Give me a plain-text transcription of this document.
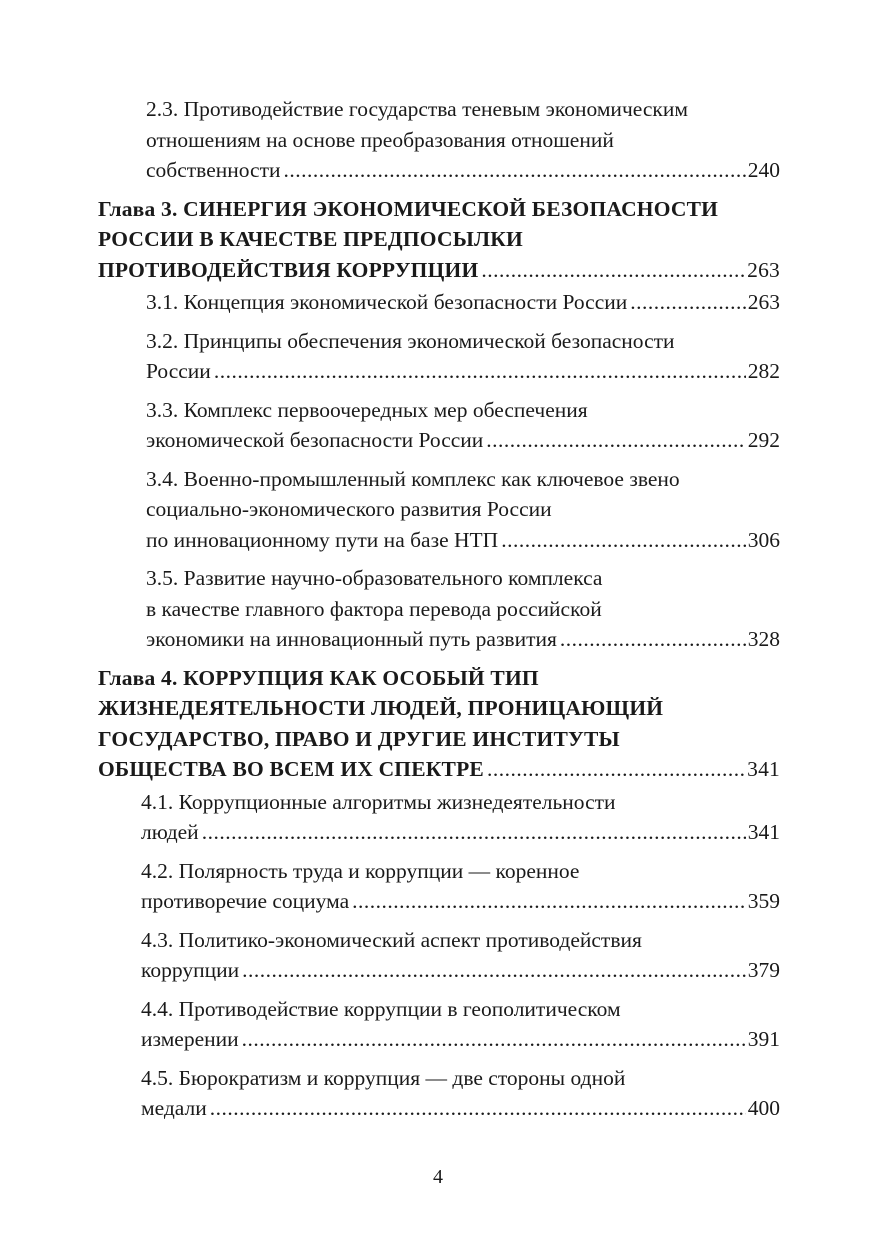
2.3. Противодействие государства теневым экономическим
отношениям на основе преобразования отношений
собственности .....	240
Глава 3. СИНЕРГИЯ ЭКОНОМИЧЕСКОЙ БЕЗОПАСНОСТИ
РОССИИ В КАЧЕСТВЕ ПРЕДПОСЫЛКИ
ПРОТИВОДЕЙСТВИЯ КОРРУПЦИИ .....	263
3.1. Концепция экономической безопасности России .....	263
3.2. Принципы обеспечения экономической безопасности
России .....	282
3.3. Комплекс первоочередных мер обеспечения
экономической безопасности России .....	292
3.4. Военно-промышленный комплекс как ключевое звено
социально-экономического развития России
по инновационному пути на базе НТП .....	306
3.5. Развитие научно-образовательного комплекса
в качестве главного фактора перевода российской
экономики на инновационный путь развития .....	328
Глава 4. КОРРУПЦИЯ КАК ОСОБЫЙ ТИП
ЖИЗНЕДЕЯТЕЛЬНОСТИ ЛЮДЕЙ, ПРОНИЦАЮЩИЙ
ГОСУДАРСТВО, ПРАВО И ДРУГИЕ ИНСТИТУТЫ
ОБЩЕСТВА ВО ВСЕМ ИХ СПЕКТРЕ .....	341
4.1. Коррупционные алгоритмы жизнедеятельности
людей .....	341
4.2. Полярность труда и коррупции — коренное
противоречие социума .....	359
4.3. Политико-экономический аспект противодействия
коррупции .....	379
4.4. Противодействие коррупции в геополитическом
измерении .....	391
4.5. Бюрократизм и коррупция — две стороны одной
медали .....	400
4
